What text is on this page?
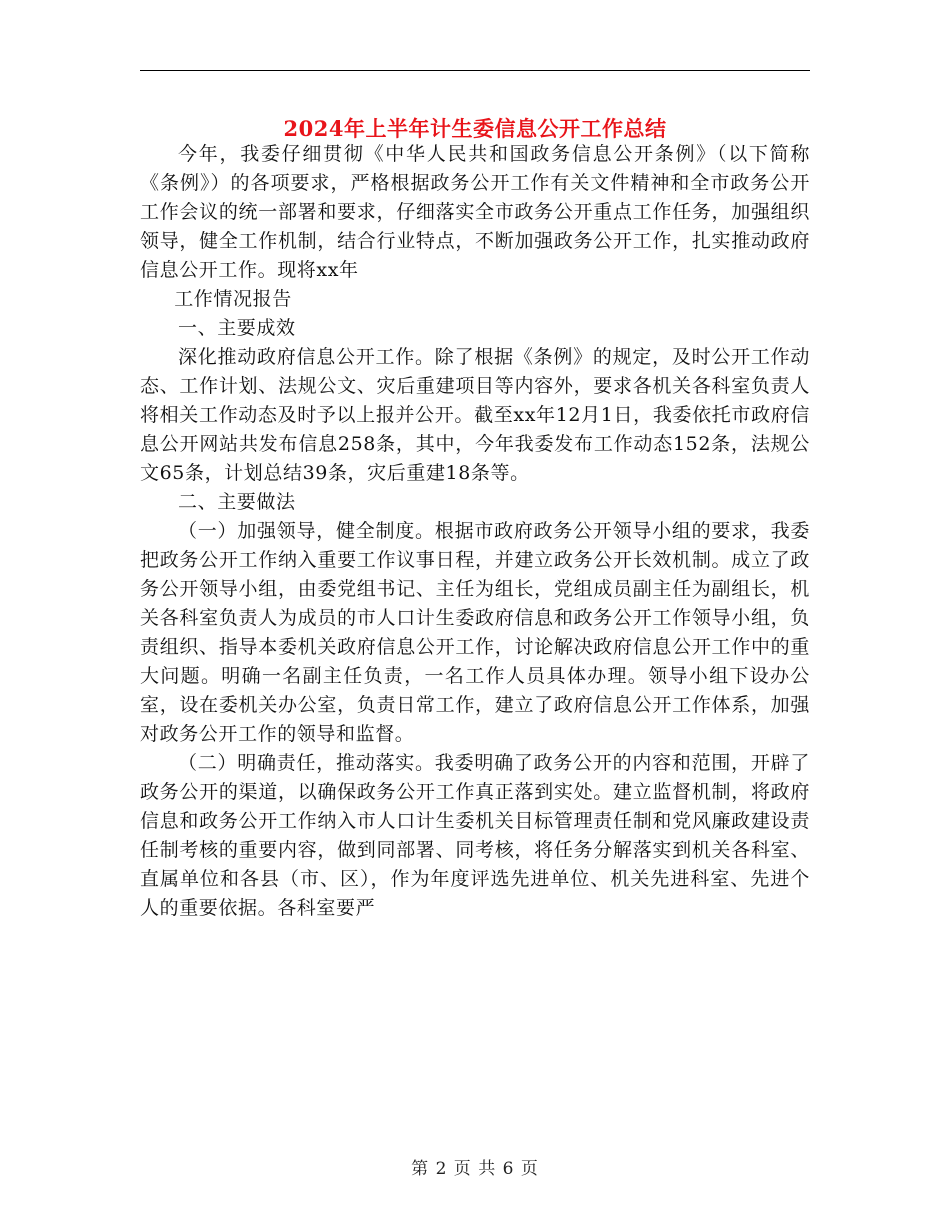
2024年上半年计生委信息公开工作总结

今年，我委仔细贯彻《中华人民共和国政务信息公开条例》（以下简称《条例》）的各项要求，严格根据政务公开工作有关文件精神和全市政务公开工作会议的统一部署和要求，仔细落实全市政务公开重点工作任务，加强组织领导，健全工作机制，结合行业特点，不断加强政务公开工作，扎实推动政府信息公开工作。现将xx年

工作情况报告

一、主要成效

深化推动政府信息公开工作。除了根据《条例》的规定，及时公开工作动态、工作计划、法规公文、灾后重建项目等内容外，要求各机关各科室负责人将相关工作动态及时予以上报并公开。截至xx年12月1日，我委依托市政府信息公开网站共发布信息258条，其中，今年我委发布工作动态152条，法规公文65条，计划总结39条，灾后重建18条等。

二、主要做法

（一）加强领导，健全制度。根据市政府政务公开领导小组的要求，我委把政务公开工作纳入重要工作议事日程，并建立政务公开长效机制。成立了政务公开领导小组，由委党组书记、主任为组长，党组成员副主任为副组长，机关各科室负责人为成员的市人口计生委政府信息和政务公开工作领导小组，负责组织、指导本委机关政府信息公开工作，讨论解决政府信息公开工作中的重大问题。明确一名副主任负责，一名工作人员具体办理。领导小组下设办公室，设在委机关办公室，负责日常工作，建立了政府信息公开工作体系，加强对政务公开工作的领导和监督。

（二）明确责任，推动落实。我委明确了政务公开的内容和范围，开辟了政务公开的渠道，以确保政务公开工作真正落到实处。建立监督机制，将政府信息和政务公开工作纳入市人口计生委机关目标管理责任制和党风廉政建设责任制考核的重要内容，做到同部署、同考核，将任务分解落实到机关各科室、直属单位和各县（市、区），作为年度评选先进单位、机关先进科室、先进个人的重要依据。各科室要严

第 2 页 共 6 页
